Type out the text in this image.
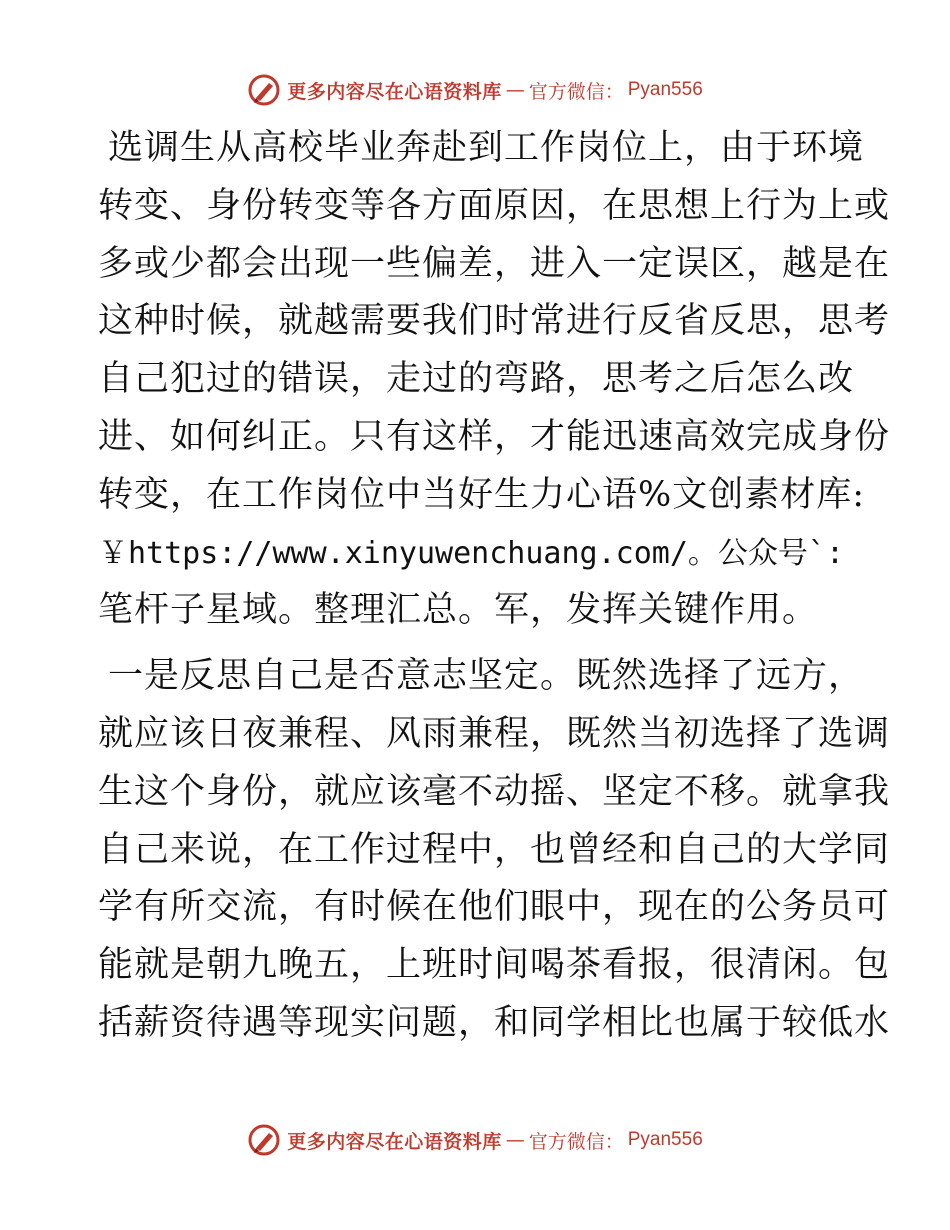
更多内容尽在心语资料库 — 官方微信： Pyan556
选调生从高校毕业奔赴到工作岗位上，由于环境
转变、身份转变等各方面原因，在思想上行为上或
多或少都会出现一些偏差，进入一定误区，越是在
这种时候，就越需要我们时常进行反省反思，思考
自己犯过的错误，走过的弯路，思考之后怎么改
进、如何纠正。只有这样，才能迅速高效完成身份
转变，在工作岗位中当好生力心语%文创素材库:
￥https://www.xinyuwenchuang.com/。公众号`:
笔杆子星域。整理汇总。军，发挥关键作用。
一是反思自己是否意志坚定。既然选择了远方，
就应该日夜兼程、风雨兼程，既然当初选择了选调
生这个身份，就应该毫不动摇、坚定不移。就拿我
自己来说，在工作过程中，也曾经和自己的大学同
学有所交流，有时候在他们眼中，现在的公务员可
能就是朝九晚五，上班时间喝茶看报，很清闲。包
括薪资待遇等现实问题，和同学相比也属于较低水
更多内容尽在心语资料库 — 官方微信： Pyan556
